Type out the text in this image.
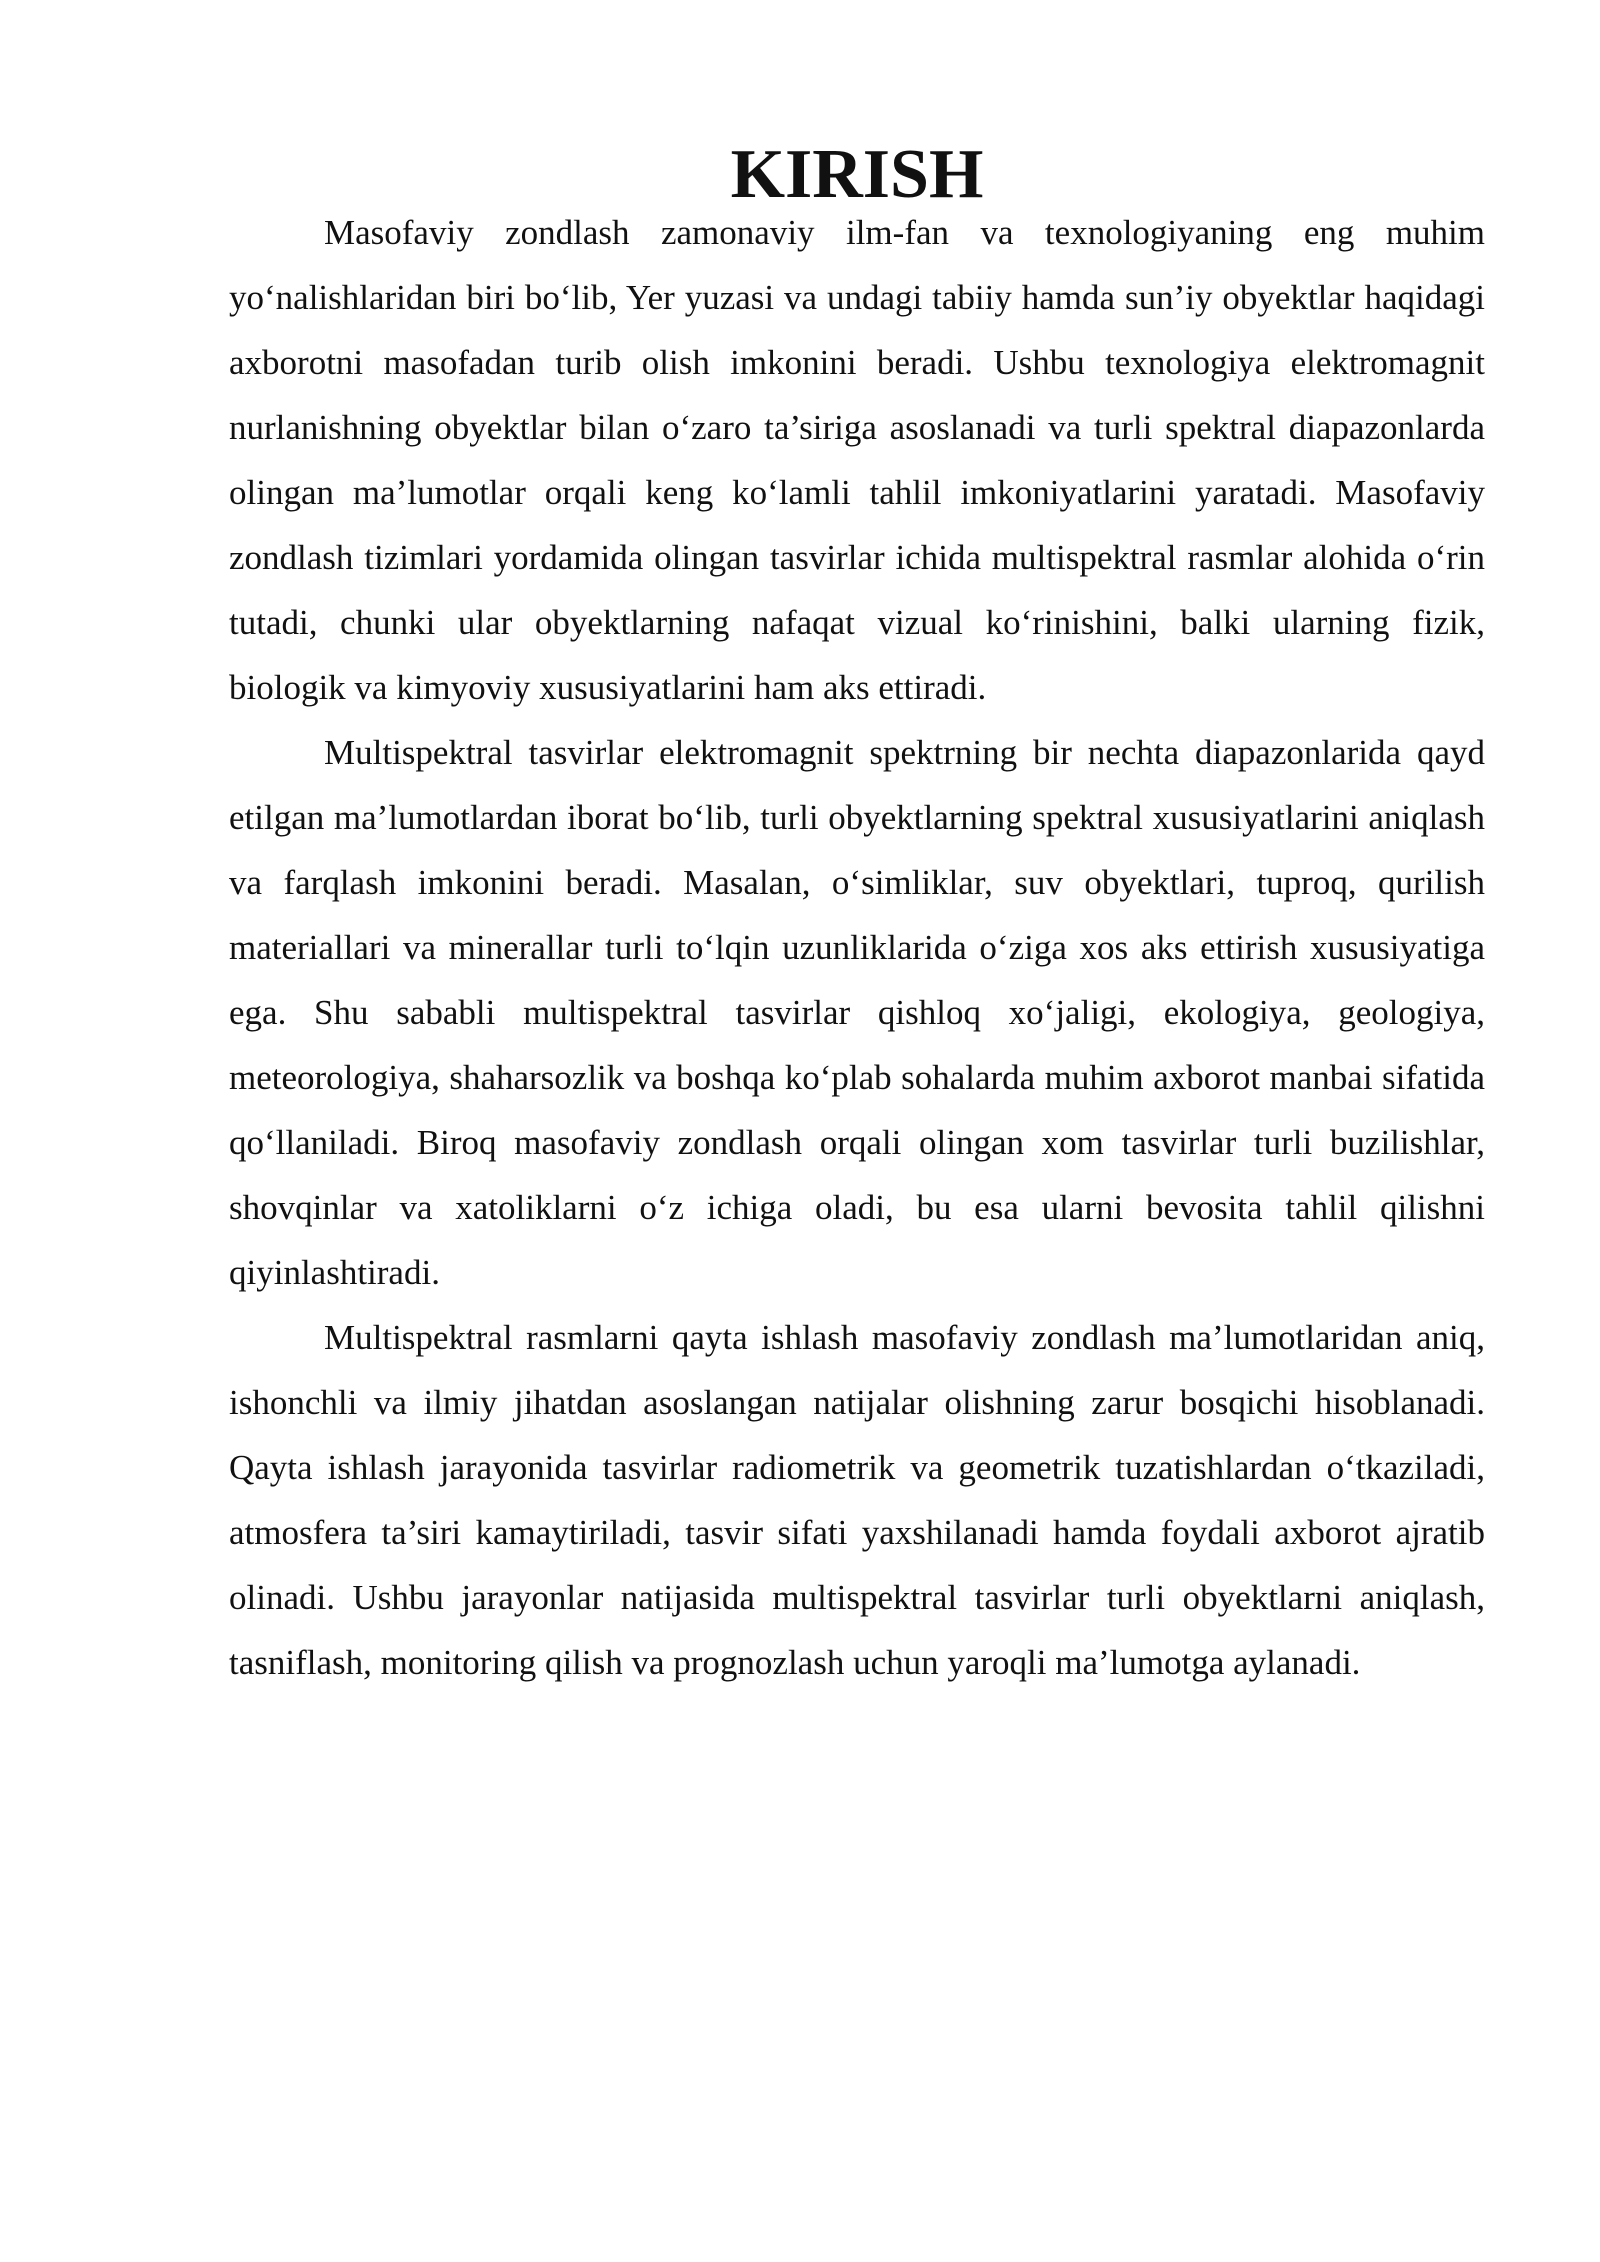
KIRISH

Masofaviy zondlash zamonaviy ilm-fan va texnologiyaning eng muhim yo‘nalishlaridan biri bo‘lib, Yer yuzasi va undagi tabiiy hamda sun’iy obyektlar haqidagi axborotni masofadan turib olish imkonini beradi. Ushbu texnologiya elektromagnit nurlanishning obyektlar bilan o‘zaro ta’siriga asoslanadi va turli spektral diapazonlarda olingan ma’lumotlar orqali keng ko‘lamli tahlil imkoniyatlarini yaratadi. Masofaviy zondlash tizimlari yordamida olingan tasvirlar ichida multispektral rasmlar alohida o‘rin tutadi, chunki ular obyektlarning nafaqat vizual ko‘rinishini, balki ularning fizik, biologik va kimyoviy xususiyatlarini ham aks ettiradi.

Multispektral tasvirlar elektromagnit spektrning bir nechta diapazonlarida qayd etilgan ma’lumotlardan iborat bo‘lib, turli obyektlarning spektral xususiyatlarini aniqlash va farqlash imkonini beradi. Masalan, o‘simliklar, suv obyektlari, tuproq, qurilish materiallari va minerallar turli to‘lqin uzunliklarida o‘ziga xos aks ettirish xususiyatiga ega. Shu sababli multispektral tasvirlar qishloq xo‘jaligi, ekologiya, geologiya, meteorologiya, shaharsozlik va boshqa ko‘plab sohalarda muhim axborot manbai sifatida qo‘llaniladi. Biroq masofaviy zondlash orqali olingan xom tasvirlar turli buzilishlar, shovqinlar va xatoliklarni o‘z ichiga oladi, bu esa ularni bevosita tahlil qilishni qiyinlashtiradi.

Multispektral rasmlarni qayta ishlash masofaviy zondlash ma’lumotlaridan aniq, ishonchli va ilmiy jihatdan asoslangan natijalar olishning zarur bosqichi hisoblanadi. Qayta ishlash jarayonida tasvirlar radiometrik va geometrik tuzatishlardan o‘tkaziladi, atmosfera ta’siri kamaytiriladi, tasvir sifati yaxshilanadi hamda foydali axborot ajratib olinadi. Ushbu jarayonlar natijasida multispektral tasvirlar turli obyektlarni aniqlash, tasniflash, monitoring qilish va prognozlash uchun yaroqli ma’lumotga aylanadi.
